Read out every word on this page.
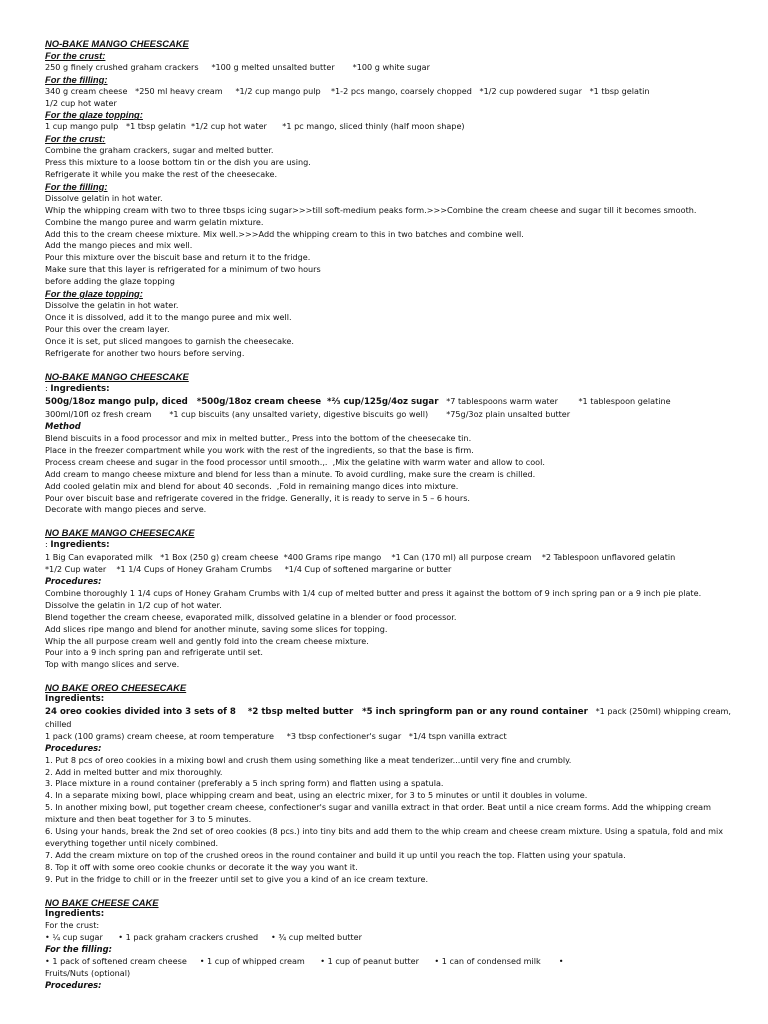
NO-BAKE MANGO CHEESCAKE
For the crust:
250 g finely crushed graham crackers     *100 g melted unsalted butter       *100 g white sugar
For the filling:
340 g cream cheese   *250 ml heavy cream     *1/2 cup mango pulp    *1-2 pcs mango, coarsely chopped   *1/2 cup powdered sugar   *1 tbsp gelatin
1/2 cup hot water
For the glaze topping:
1 cup mango pulp   *1 tbsp gelatin  *1/2 cup hot water      *1 pc mango, sliced thinly (half moon shape)
For the crust:
Combine the graham crackers, sugar and melted butter.
Press this mixture to a loose bottom tin or the dish you are using.
Refrigerate it while you make the rest of the cheesecake.
For the filling:
Dissolve gelatin in hot water.
Whip the whipping cream with two to three tbsps icing sugar>>>till soft-medium peaks form.>>>Combine the cream cheese and sugar till it becomes smooth.
Combine the mango puree and warm gelatin mixture.
Add this to the cream cheese mixture. Mix well.>>>Add the whipping cream to this in two batches and combine well.
Add the mango pieces and mix well.
Pour this mixture over the biscuit base and return it to the fridge.
Make sure that this layer is refrigerated for a minimum of two hours
before adding the glaze topping
For the glaze topping:
Dissolve the gelatin in hot water.
Once it is dissolved, add it to the mango puree and mix well.
Pour this over the cream layer.
Once it is set, put sliced mangoes to garnish the cheesecake.
Refrigerate for another two hours before serving.
NO-BAKE MANGO CHEESCAKE
: Ingredients:
500g/18oz mango pulp, diced   *500g/18oz cream cheese  *⅔ cup/125g/4oz sugar   *7 tablespoons warm water        *1 tablespoon gelatine
300ml/10fl oz fresh cream       *1 cup biscuits (any unsalted variety, digestive biscuits go well)       *75g/3oz plain unsalted butter
Method
Blend biscuits in a food processor and mix in melted butter., Press into the bottom of the cheesecake tin.
Place in the freezer compartment while you work with the rest of the ingredients, so that the base is firm.
Process cream cheese and sugar in the food processor until smooth.,.  ,Mix the gelatine with warm water and allow to cool.
Add cream to mango cheese mixture and blend for less than a minute. To avoid curdling, make sure the cream is chilled.
Add cooled gelatin mix and blend for about 40 seconds.  ,Fold in remaining mango dices into mixture.
Pour over biscuit base and refrigerate covered in the fridge. Generally, it is ready to serve in 5 – 6 hours.
Decorate with mango pieces and serve.
NO BAKE MANGO CHEESECAKE
: Ingredients:
1 Big Can evaporated milk   *1 Box (250 g) cream cheese  *400 Grams ripe mango    *1 Can (170 ml) all purpose cream    *2 Tablespoon unflavored gelatin
*1/2 Cup water    *1 1/4 Cups of Honey Graham Crumbs     *1/4 Cup of softened margarine or butter
Procedures:
Combine thoroughly 1 1/4 cups of Honey Graham Crumbs with 1/4 cup of melted butter and press it against the bottom of 9 inch spring pan or a 9 inch pie plate.
Dissolve the gelatin in 1/2 cup of hot water.
Blend together the cream cheese, evaporated milk, dissolved gelatine in a blender or food processor.
Add slices ripe mango and blend for another minute, saving some slices for topping.
Whip the all purpose cream well and gently fold into the cream cheese mixture.
Pour into a 9 inch spring pan and refrigerate until set.
Top with mango slices and serve.
NO BAKE OREO CHEESECAKE
Ingredients:
24 oreo cookies divided into 3 sets of 8    *2 tbsp melted butter   *5 inch springform pan or any round container   *1 pack (250ml) whipping cream,
chilled
1 pack (100 grams) cream cheese, at room temperature     *3 tbsp confectioner's sugar   *1/4 tspn vanilla extract
Procedures:
1. Put 8 pcs of oreo cookies in a mixing bowl and crush them using something like a meat tenderizer...until very fine and crumbly.
2. Add in melted butter and mix thoroughly.
3. Place mixture in a round container (preferably a 5 inch spring form) and flatten using a spatula.
4. In a separate mixing bowl, place whipping cream and beat, using an electric mixer, for 3 to 5 minutes or until it doubles in volume.
5. In another mixing bowl, put together cream cheese, confectioner's sugar and vanilla extract in that order. Beat until a nice cream forms. Add the whipping cream mixture and then beat together for 3 to 5 minutes.
6. Using your hands, break the 2nd set of oreo cookies (8 pcs.) into tiny bits and add them to the whip cream and cheese cream mixture. Using a spatula, fold and mix everything together until nicely combined.
7. Add the cream mixture on top of the crushed oreos in the round container and build it up until you reach the top. Flatten using your spatula.
8. Top it off with some oreo cookie chunks or decorate it the way you want it.
9. Put in the fridge to chill or in the freezer until set to give you a kind of an ice cream texture.
NO BAKE CHEESE CAKE
Ingredients:
For the crust:
• ¼ cup sugar      • 1 pack graham crackers crushed     • ¾ cup melted butter
For the filling:
• 1 pack of softened cream cheese     • 1 cup of whipped cream      • 1 cup of peanut butter      • 1 can of condensed milk       •
Fruits/Nuts (optional)
Procedures:
